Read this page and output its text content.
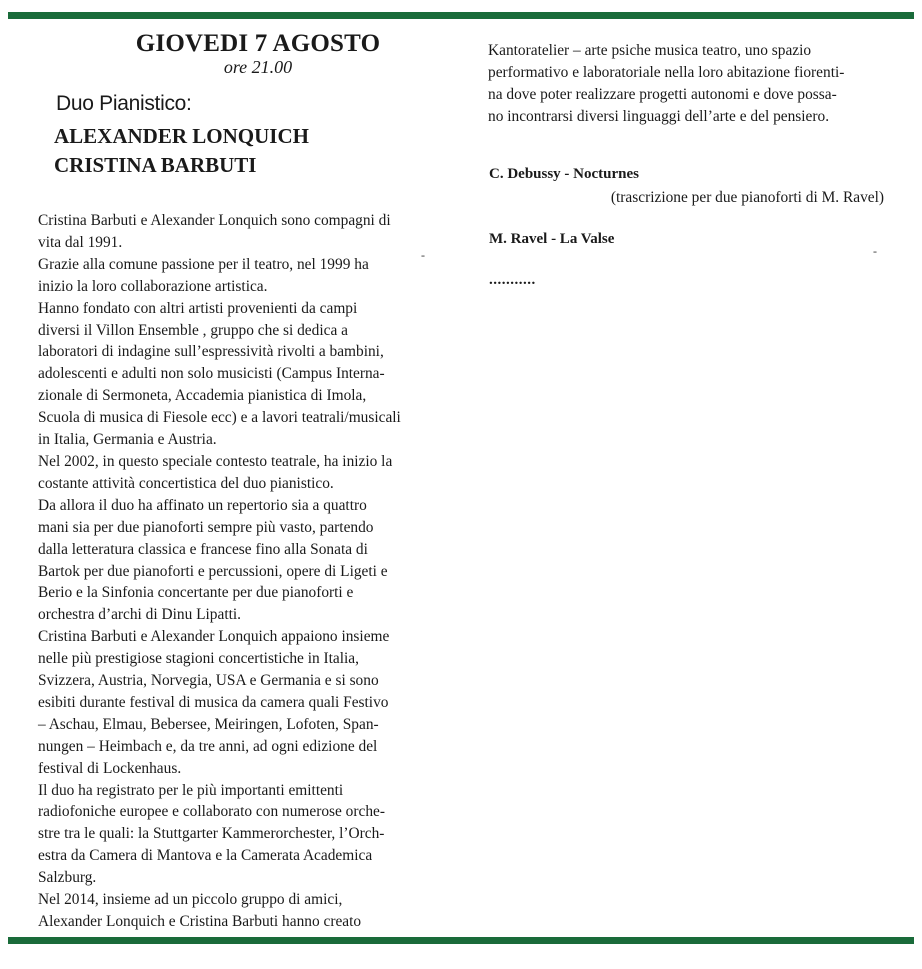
GIOVEDI 7 AGOSTO
ore 21.00
Duo Pianistico:
ALEXANDER LONQUICH
CRISTINA BARBUTI

Cristina Barbuti e Alexander Lonquich sono compagni di

vita dal 1991.

Grazie alla comune passione per il teatro, nel 1999 ha

inizio la loro collaborazione artistica.

Hanno fondato con altri artisti provenienti da campi

diversi il Villon Ensemble , gruppo che si dedica a

laboratori di indagine sull’espressività rivolti a bambini,

adolescenti e adulti non solo musicisti (Campus Interna-

zionale di Sermoneta, Accademia pianistica di Imola,

Scuola di musica di Fiesole ecc) e a lavori teatrali/musicali

in Italia, Germania e Austria.

Nel 2002, in questo speciale contesto teatrale, ha inizio la

costante attività concertistica del duo pianistico.

Da allora il duo ha affinato un repertorio sia a quattro

mani sia per due pianoforti sempre più vasto, partendo

dalla letteratura classica e francese fino alla Sonata di

Bartok per due pianoforti e percussioni, opere di Ligeti e

Berio e la Sinfonia concertante per due pianoforti e

orchestra d’archi di Dinu Lipatti.

Cristina Barbuti e Alexander Lonquich appaiono insieme

nelle più prestigiose stagioni concertistiche in Italia,

Svizzera, Austria, Norvegia, USA e Germania e si sono

esibiti durante festival di musica da camera quali Festivo

– Aschau, Elmau, Bebersee, Meiringen, Lofoten, Span-

nungen – Heimbach e, da tre anni, ad ogni edizione del

festival di Lockenhaus.

Il duo ha registrato per le più importanti emittenti

radiofoniche europee e collaborato con numerose orche-

stre tra le quali: la Stuttgarter Kammerorchester, l’Orch-

estra da Camera di Mantova e la Camerata Academica

Salzburg.

Nel 2014, insieme ad un piccolo gruppo di amici,

Alexander Lonquich e Cristina Barbuti hanno creato

-

Kantoratelier – arte psiche musica teatro, uno spazio

performativo e laboratoriale nella loro abitazione fiorenti-

na dove poter realizzare progetti autonomi e dove possa-

no incontrarsi diversi linguaggi dell’arte e del pensiero.

C. Debussy - Nocturnes
(trascrizione per due pianoforti di M. Ravel)
M. Ravel - La Valse
-
...........
